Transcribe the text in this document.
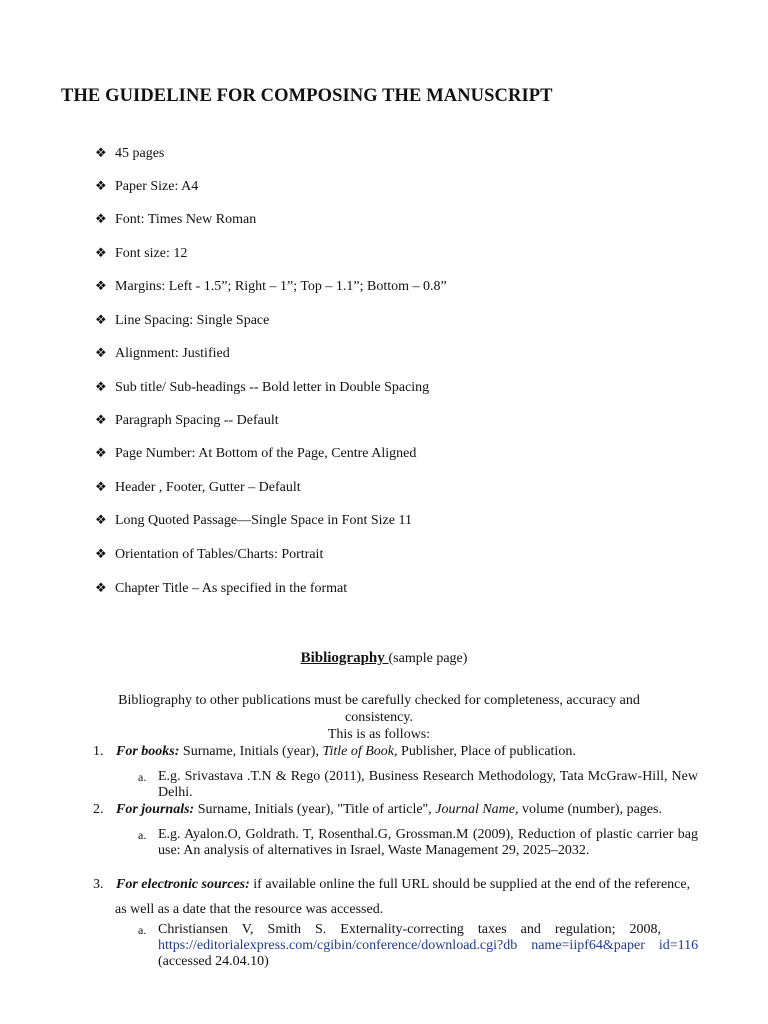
THE GUIDELINE FOR COMPOSING THE MANUSCRIPT
❖ 45 pages
❖ Paper Size: A4
❖ Font: Times New Roman
❖ Font size: 12
❖ Margins: Left - 1.5”; Right – 1”; Top – 1.1”; Bottom – 0.8”
❖ Line Spacing: Single Space
❖ Alignment: Justified
❖ Sub title/ Sub-headings -- Bold letter in Double Spacing
❖ Paragraph Spacing -- Default
❖ Page Number: At Bottom of the Page, Centre Aligned
❖ Header , Footer, Gutter – Default
❖ Long Quoted Passage—Single Space in Font Size 11
❖ Orientation of Tables/Charts: Portrait
❖ Chapter Title – As specified in the format
Bibliography (sample page)
Bibliography to other publications must be carefully checked for completeness, accuracy and consistency.
This is as follows:
1. For books: Surname, Initials (year), Title of Book, Publisher, Place of publication.
a. E.g. Srivastava .T.N & Rego (2011), Business Research Methodology, Tata McGraw-Hill, New Delhi.
2. For journals: Surname, Initials (year), "Title of article", Journal Name, volume (number), pages.
a. E.g. Ayalon.O, Goldrath. T, Rosenthal.G, Grossman.M (2009), Reduction of plastic carrier bag use: An analysis of alternatives in Israel, Waste Management 29, 2025–2032.
3. For electronic sources: if available online the full URL should be supplied at the end of the reference,
as well as a date that the resource was accessed.
a. Christiansen    V,    Smith    S.    Externality-correcting    taxes    and    regulation;    2008,
https://editorialexpress.com/cgibin/conference/download.cgi?db    name=iipf64&paper    id=116
(accessed 24.04.10)
